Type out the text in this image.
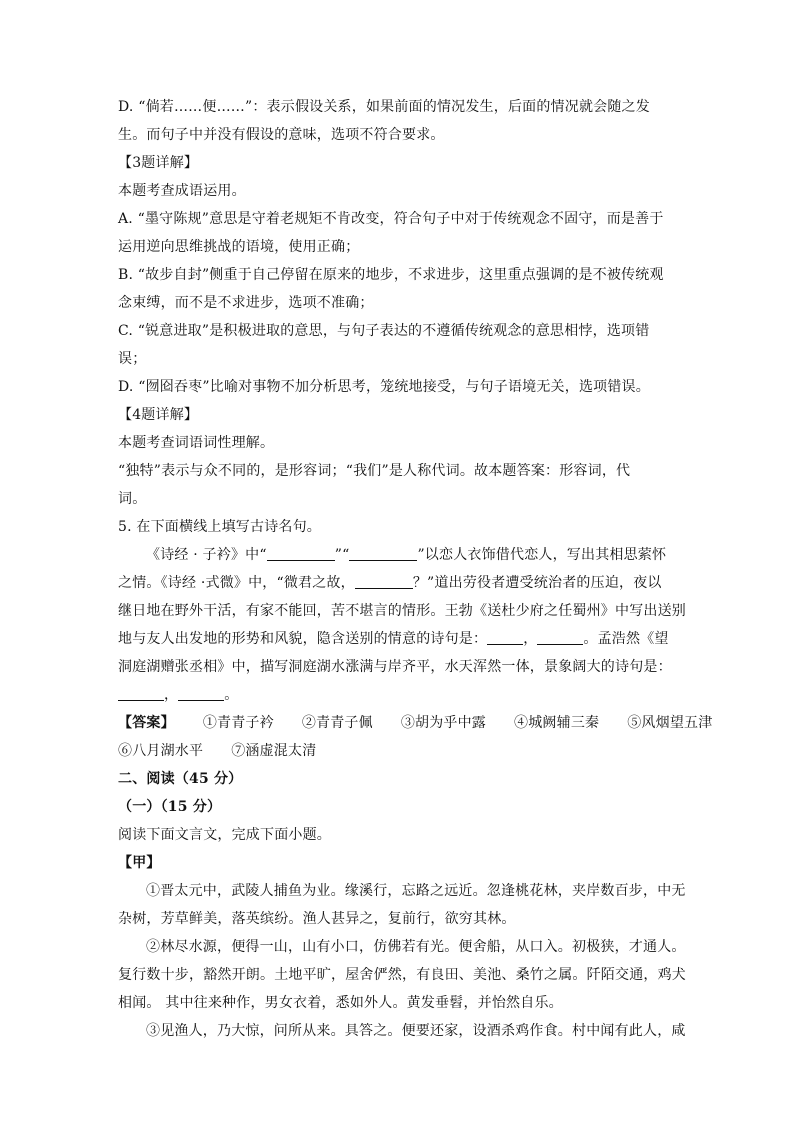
D. “倘若……便……”：表示假设关系，如果前面的情况发生，后面的情况就会随之发
生。而句子中并没有假设的意味，选项不符合要求。
【3题详解】
本题考查成语运用。
A. “墨守陈规”意思是守着老规矩不肯改变，符合句子中对于传统观念不固守，而是善于
运用逆向思维挑战的语境，使用正确；
B. “故步自封”侧重于自己停留在原来的地步，不求进步，这里重点强调的是不被传统观
念束缚，而不是不求进步，选项不准确；
C. “锐意进取”是积极进取的意思，与句子表达的不遵循传统观念的意思相悖，选项错
误；
D. “囫囵吞枣”比喻对事物不加分析思考，笼统地接受，与句子语境无关，选项错误。
【4题详解】
本题考查词语词性理解。
“独特”表示与众不同的，是形容词；“我们”是人称代词。故本题答案：形容词，代
词。
5. 在下面横线上填写古诗名句。
《诗经 · 子衿》中“	”“	”以恋人衣饰借代恋人，写出其相思萦怀
之情。《诗经 ·式微》中，“微君之故，	？”道出劳役者遭受统治者的压迫，夜以
继日地在野外干活，有家不能回，苦不堪言的情形。王勃《送杜少府之任蜀州》中写出送别
地与友人出发地的形势和风貌，隐含送别的情意的诗句是：	，	。孟浩然《望
洞庭湖赠张丞相》中，描写洞庭湖水涨满与岸齐平，水天浑然一体，景象阔大的诗句是：
，	。
【答案】 ①青青子衿 ②青青子佩 ③胡为乎中露 ④城阙辅三秦 ⑤风烟望五津
⑥八月湖水平 ⑦涵虚混太清
二、阅读（45 分）
（一）（15 分）
阅读下面文言文，完成下面小题。
【甲】
①晋太元中，武陵人捕鱼为业。缘溪行，忘路之远近。忽逢桃花林，夹岸数百步，中无
杂树，芳草鲜美，落英缤纷。渔人甚异之，复前行，欲穷其林。
②林尽水源，便得一山，山有小口，仿佛若有光。便舍船，从口入。初极狭，才通人。
复行数十步，豁然开朗。土地平旷，屋舍俨然，有良田、美池、桑竹之属。阡陌交通，鸡犬
相闻。 其中往来种作，男女衣着，悉如外人。黄发垂髫，并怡然自乐。
③见渔人，乃大惊，问所从来。具答之。便要还家，设酒杀鸡作食。村中闻有此人，咸
